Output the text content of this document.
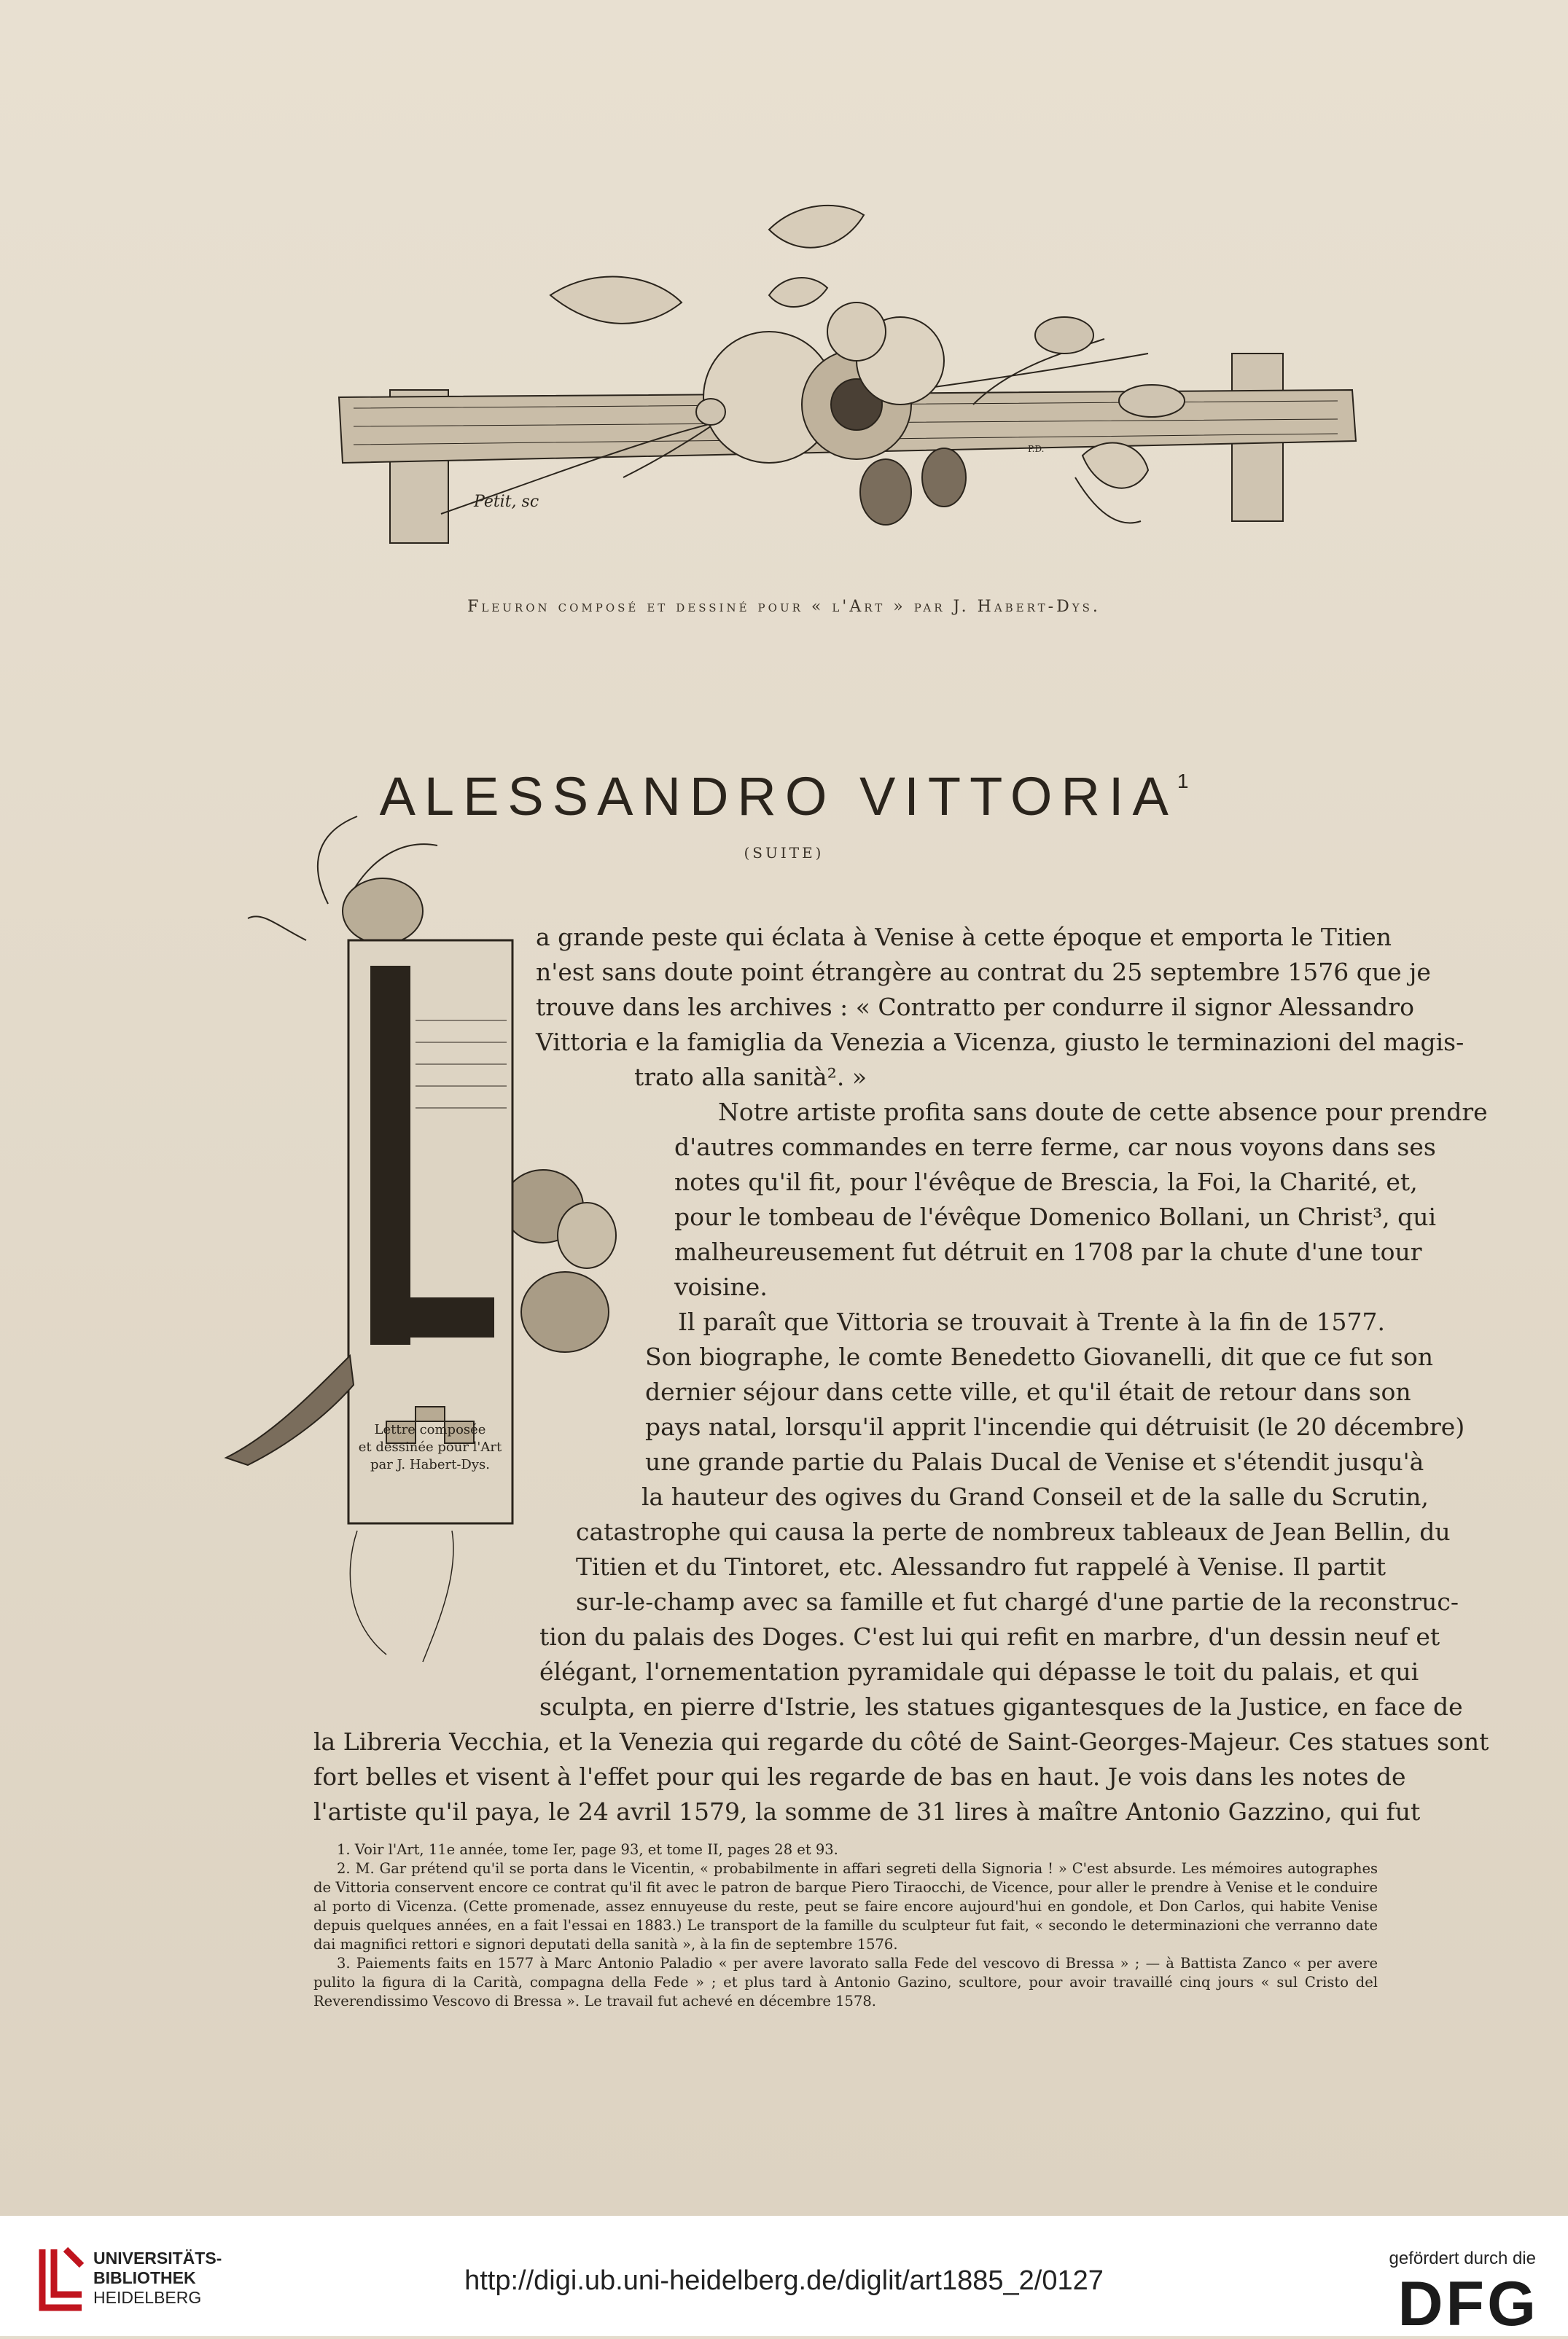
Petit, sc
P.D.
Fleuron composé et dessiné pour « l'Art » par J. Habert-Dys.
ALESSANDRO VITTORIA$^1$
(SUITE)
Lettre composée
et dessinée pour l'Art
par J. Habert-Dys.
a grande peste qui éclata à Venise à cette époque et emporta le Titien
n'est sans doute point étrangère au contrat du 25 septembre 1576 que je
trouve dans les archives : « Contratto per condurre il signor Alessandro
Vittoria e la famiglia da Venezia a Vicenza, giusto le terminazioni del magis-
trato alla sanità². »
Notre artiste profita sans doute de cette absence pour prendre
d'autres commandes en terre ferme, car nous voyons dans ses
notes qu'il fit, pour l'évêque de Brescia, la Foi, la Charité, et,
pour le tombeau de l'évêque Domenico Bollani, un Christ³, qui
malheureusement fut détruit en 1708 par la chute d'une tour
voisine.
Il paraît que Vittoria se trouvait à Trente à la fin de 1577.
Son biographe, le comte Benedetto Giovanelli, dit que ce fut son
dernier séjour dans cette ville, et qu'il était de retour dans son
pays natal, lorsqu'il apprit l'incendie qui détruisit (le 20 décembre)
une grande partie du Palais Ducal de Venise et s'étendit jusqu'à
la hauteur des ogives du Grand Conseil et de la salle du Scrutin,
catastrophe qui causa la perte de nombreux tableaux de Jean Bellin, du
Titien et du Tintoret, etc. Alessandro fut rappelé à Venise. Il partit
sur-le-champ avec sa famille et fut chargé d'une partie de la reconstruc-
tion du palais des Doges. C'est lui qui refit en marbre, d'un dessin neuf et
élégant, l'ornementation pyramidale qui dépasse le toit du palais, et qui
sculpta, en pierre d'Istrie, les statues gigantesques de la Justice, en face de
la Libreria Vecchia, et la Venezia qui regarde du côté de Saint-Georges-Majeur. Ces statues sont
fort belles et visent à l'effet pour qui les regarde de bas en haut. Je vois dans les notes de
l'artiste qu'il paya, le 24 avril 1579, la somme de 31 lires à maître Antonio Gazzino, qui fut

1. Voir l'Art, 11e année, tome Ier, page 93, et tome II, pages 28 et 93.

2. M. Gar prétend qu'il se porta dans le Vicentin, « probabilmente in affari segreti della Signoria ! » C'est absurde. Les mémoires autographes de Vittoria conservent encore ce contrat qu'il fit avec le patron de barque Piero Tiraocchi, de Vicence, pour aller le prendre à Venise et le conduire al porto di Vicenza. (Cette promenade, assez ennuyeuse du reste, peut se faire encore aujourd'hui en gondole, et Don Carlos, qui habite Venise depuis quelques années, en a fait l'essai en 1883.) Le transport de la famille du sculpteur fut fait, « secondo le determinazioni che verranno date dai magnifici rettori e signori deputati della sanità », à la fin de septembre 1576.

3. Paiements faits en 1577 à Marc Antonio Paladio « per avere lavorato salla Fede del vescovo di Bressa » ; — à Battista Zanco « per avere pulito la figura di la Carità, compagna della Fede » ; et plus tard à Antonio Gazino, scultore, pour avoir travaillé cinq jours « sul Cristo del Reverendissimo Vescovo di Bressa ». Le travail fut achevé en décembre 1578.

UNIVERSITÄTS-
BIBLIOTHEK
HEIDELBERG
http://digi.ub.uni-heidelberg.de/diglit/art1885_2/0127
gefördert durch die
DFG
